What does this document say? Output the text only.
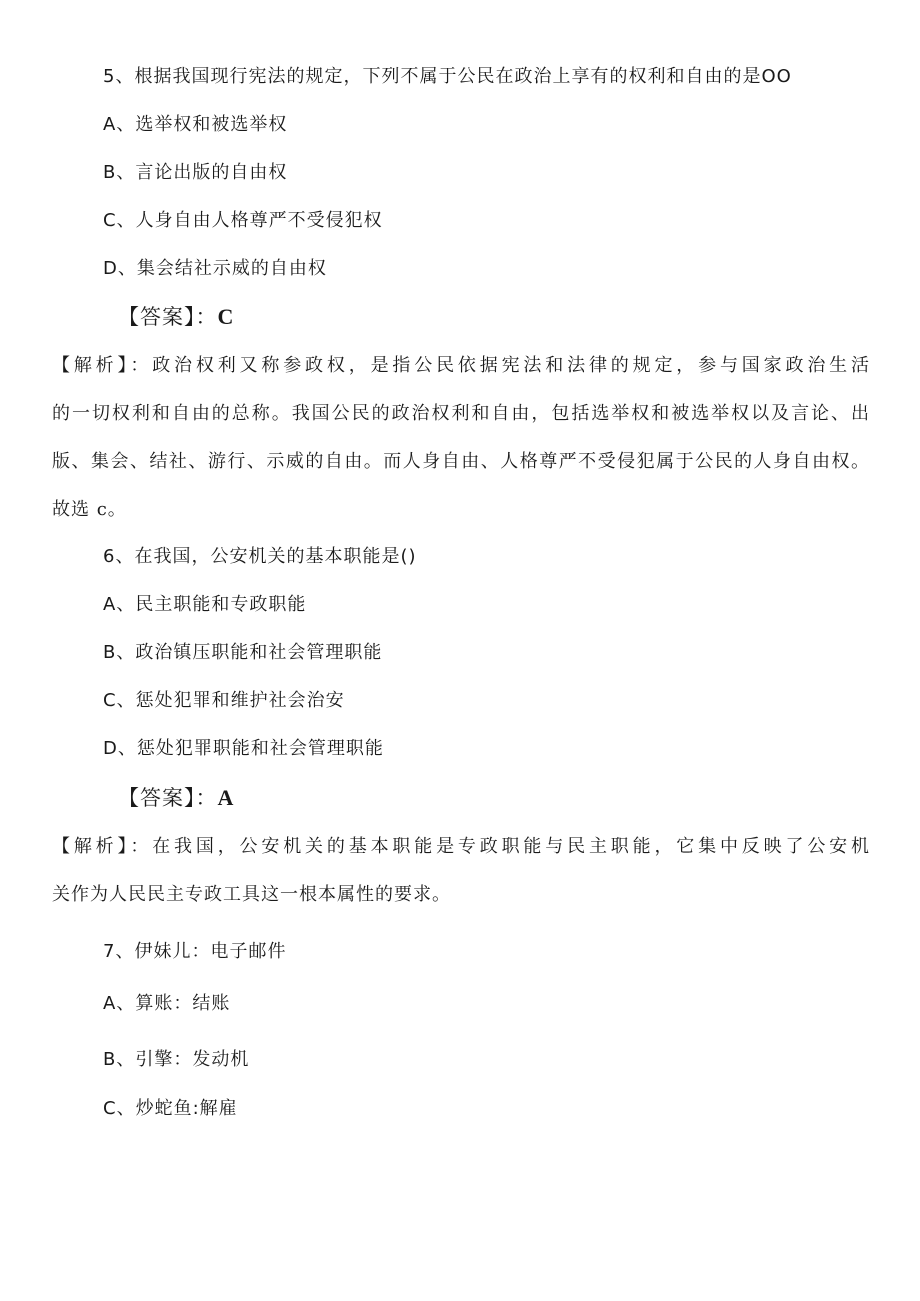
5、根据我国现行宪法的规定，下列不属于公民在政治上享有的权利和自由的是OO
A、选举权和被选举权
B、言论出版的自由权
C、人身自由人格尊严不受侵犯权
D、集会结社示威的自由权
【答案】：C
【解析】：政治权利又称参政权，是指公民依据宪法和法律的规定，参与国家政治生活
的一切权利和自由的总称。我国公民的政治权利和自由，包括选举权和被选举权以及言论、出
版、集会、结社、游行、示威的自由。而人身自由、人格尊严不受侵犯属于公民的人身自由权。
故选 c。
6、在我国，公安机关的基本职能是()
A、民主职能和专政职能
B、政治镇压职能和社会管理职能
C、惩处犯罪和维护社会治安
D、惩处犯罪职能和社会管理职能
【答案】：A
【解析】：在我国，公安机关的基本职能是专政职能与民主职能，它集中反映了公安机
关作为人民民主专政工具这一根本属性的要求。
7、伊妹儿：电子邮件
A、算账：结账
B、引擎：发动机
C、炒蛇鱼:解雇
